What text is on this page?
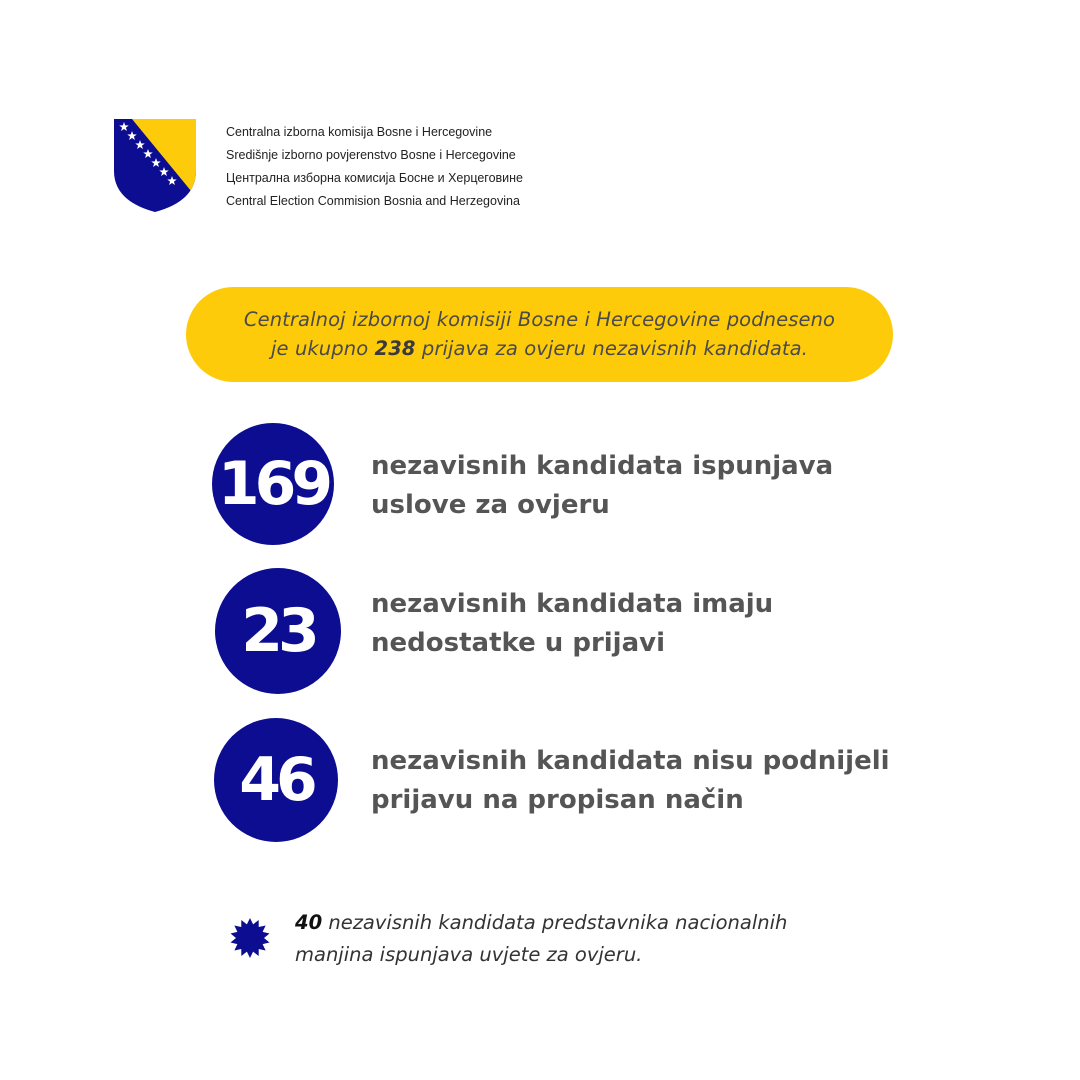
Centralna izborna komisija Bosne i Hercegovine
Središnje izborno povjerenstvo Bosne i Hercegovine
Централна изборна комисија Босне и Херцеговине
Central Election Commision Bosnia and Herzegovina
Centralnoj izbornoj komisiji Bosne i Hercegovine podneseno
je ukupno 238 prijava za ovjeru nezavisnih kandidata.
169 nezavisnih kandidata ispunjava
uslove za ovjeru
23 nezavisnih kandidata imaju
nedostatke u prijavi
46 nezavisnih kandidata nisu podnijeli
prijavu na propisan način
40 nezavisnih kandidata predstavnika nacionalnih
manjina ispunjava uvjete za ovjeru.
